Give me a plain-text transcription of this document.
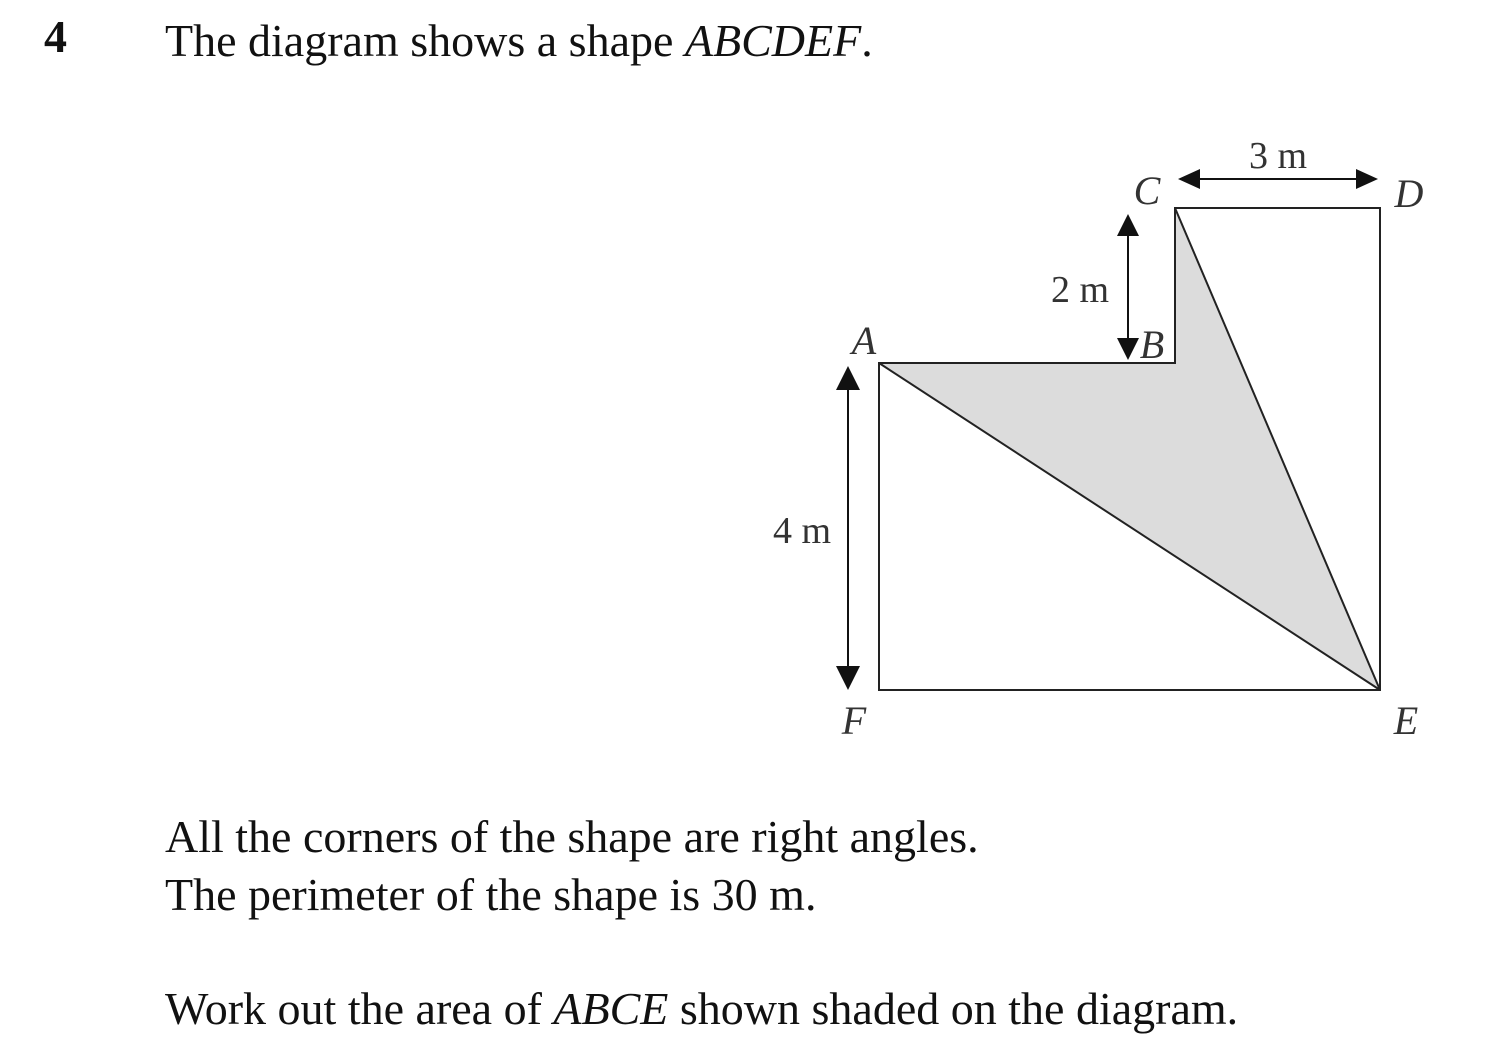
4 The diagram shows a shape ABCDEF.
3 m
2 m
4 m
A	B
C	D
E
F
All the corners of the shape are right angles.
The perimeter of the shape is 30 m.
Work out the area of ABCE shown shaded on the diagram.
